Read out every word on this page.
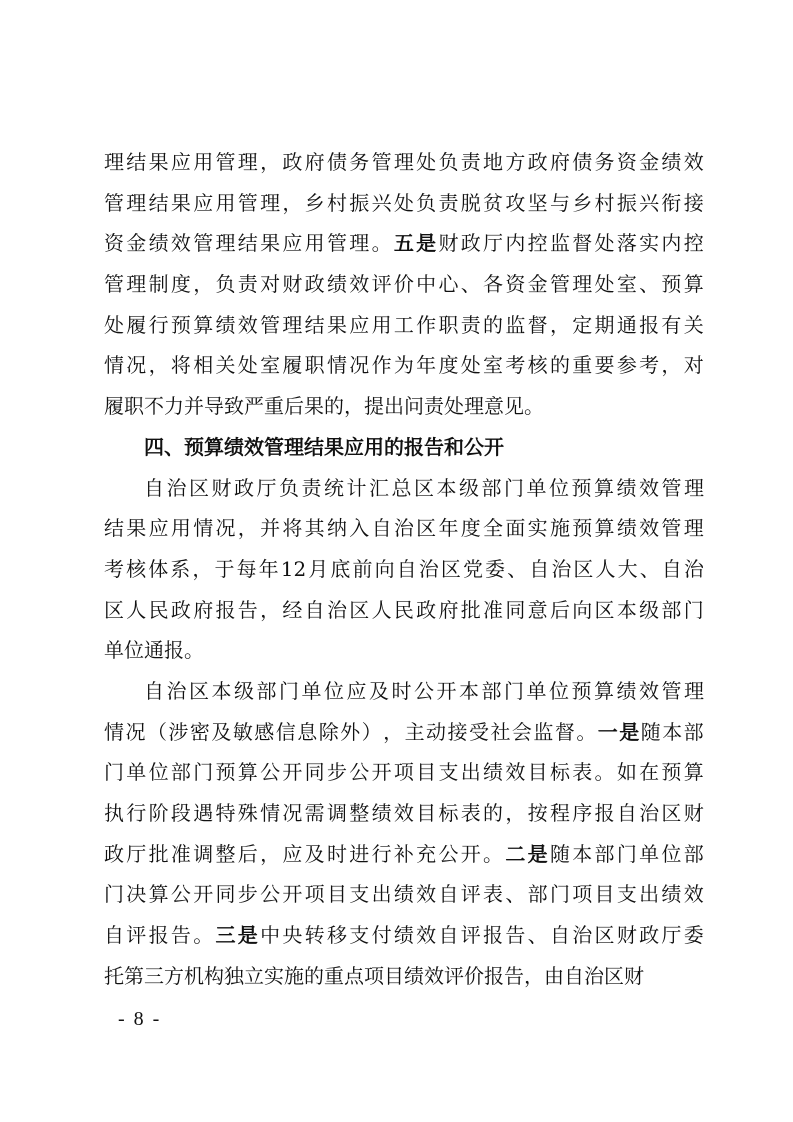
理 结 果 应 用 管 理 ， 政 府 债 务 管 理 处 负 责 地 方 政 府 债 务 资 金 绩 效
管 理 结 果 应 用 管 理 ， 乡 村 振 兴 处 负 责 脱 贫 攻 坚 与 乡 村 振 兴 衔 接
资 金 绩 效 管 理 结 果 应 用 管 理 。 五 是 财 政 厅 内 控 监 督 处 落 实 内 控
管 理 制 度 ， 负 责 对 财 政 绩 效 评 价 中 心 、 各 资 金 管 理 处 室 、 预 算
处 履 行 预 算 绩 效 管 理 结 果 应 用 工 作 职 责 的 监 督 ， 定 期 通 报 有 关
情 况 ， 将 相 关 处 室 履 职 情 况 作 为 年 度 处 室 考 核 的 重 要 参 考 ， 对
履职不力并导致严重后果的，提出问责处理意见。
四、预算绩效管理结果应用的报告和公开
自 治 区 财 政 厅 负 责 统 计 汇 总 区 本 级 部 门 单 位 预 算 绩 效 管 理
结 果 应 用 情 况 ， 并 将 其 纳 入 自 治 区 年 度 全 面 实 施 预 算 绩 效 管 理
考 核 体 系 ， 于 每 年 12 月 底 前 向 自 治 区 党 委 、 自 治 区 人 大 、 自 治
区 人 民 政 府 报 告 ， 经 自 治 区 人 民 政 府 批 准 同 意 后 向 区 本 级 部 门
单位通报。
自 治 区 本 级 部 门 单 位 应 及 时 公 开 本 部 门 单 位 预 算 绩 效 管 理
情 况 （ 涉 密 及 敏 感 信 息 除 外 ） ， 主 动 接 受 社 会 监 督 。 一 是 随 本 部
门 单 位 部 门 预 算 公 开 同 步 公 开 项 目 支 出 绩 效 目 标 表 。 如 在 预 算
执 行 阶 段 遇 特 殊 情 况 需 调 整 绩 效 目 标 表 的 ， 按 程 序 报 自 治 区 财
政 厅 批 准 调 整 后 ， 应 及 时 进 行 补 充 公 开 。 二 是 随 本 部 门 单 位 部
门 决 算 公 开 同 步 公 开 项 目 支 出 绩 效 自 评 表 、 部 门 项 目 支 出 绩 效
自 评 报 告 。 三 是 中 央 转 移 支 付 绩 效 自 评 报 告 、 自 治 区 财 政 厅 委
托第三方机构独立实施的重点项目绩效评价报告，由自治区财
- 8 -
